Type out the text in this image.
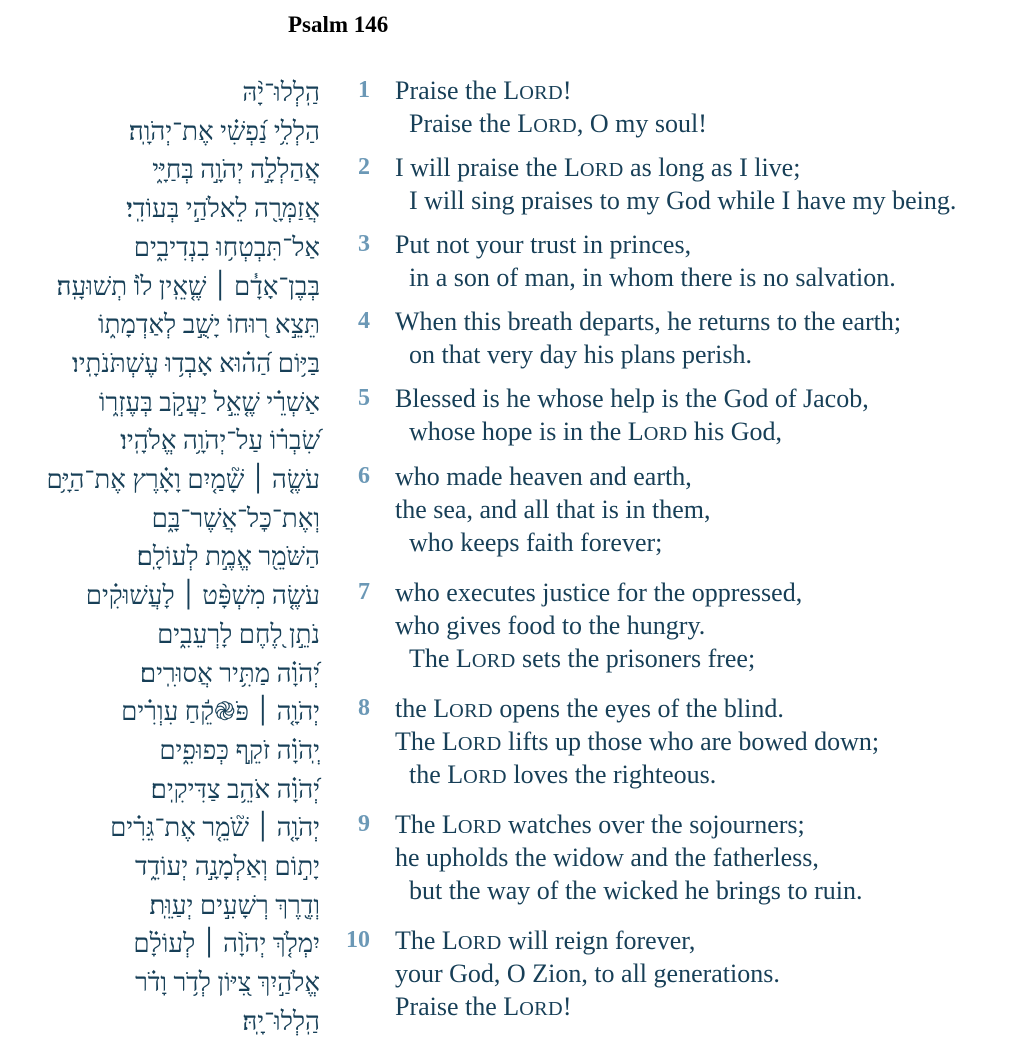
Psalm 146
הַֽלְלוּ־יָ֨הּ
הַלְלִ֥י נַ֝פְשִׁ֗י אֶת־יְהֹוָֽה׃
אֲהַלְלָ֣ה יְהֹוָ֣ה בְּחַיָּ֑י
אֲזַמְּרָ֖ה לֵאלֹהַ֣י בְּעוֹדִֽי׃
אַל־תִּבְטְח֥וּ בִנְדִיבִ֑ים
בְּבֶן־אָדָ֓ם ׀ שֶׁ֤אֵֽין ל֙וֹ תְשׁוּעָֽה׃
תֵּצֵ֣א ר֭וּחוֹ יָשֻׁ֣ב לְאַדְמָת֑וֹ
בַּיּ֥וֹם הַ֝ה֗וּא אָבְד֥וּ עֶשְׁתֹּנֹתָֽיו׃
אַשְׁרֵ֗י שֶׁ֤אֵ֣ל יַעֲקֹ֣ב בְּעֶזְר֑וֹ
שִׂ֝בְר֗וֹ עַל־יְהֹוָ֥ה אֱלֹהָֽיו׃
עֹשֶׂ֤ה ׀ שָׁ֘מַ֤יִם וָאָ֗רֶץ אֶת־הַיָּ֥ם
וְאֶת־כׇּל־אֲשֶׁר־בָּ֑ם
הַשֹּׁמֵ֖ר אֱמֶ֣ת לְעוֹלָֽם׃
עֹשֶׂ֤ה מִשְׁפָּ֨ט ׀ לָעֲשׁוּקִ֗ים
נֹתֵ֣ן לֶ֭חֶם לָרְעֵבִ֑ים
יְ֝הֹוָ֗ה מַתִּ֥יר אֲסוּרִֽים׃
יְהֹוָ֤ה ׀ פֹּ֎קֵ֬חַ עִוְרִ֗ים
יְֽהֹוָ֗ה זֹקֵ֣ף כְּפוּפִ֑ים
יְ֝הֹוָ֗ה אֹהֵ֥ב צַדִּיקִֽים׃
יְהֹוָ֤ה ׀ שֹׁ֘מֵ֤ר אֶת־גֵּרִ֗ים
יָת֣וֹם וְאַלְמָנָ֣ה יְעוֹדֵ֑ד
וְדֶ֖רֶךְ רְשָׁעִ֣ים יְעַוֵּֽת׃
יִמְלֹ֤ךְ יְהֹוָ֨ה ׀ לְעוֹלָ֗ם
אֱלֹהַ֣יִךְ צִ֭יּוֹן לְדֹ֥ר וָדֹ֗ר
הַֽלְלוּ־יָֽהּ׃
1 Praise the LORD!
Praise the LORD, O my soul!
2 I will praise the LORD as long as I live;
I will sing praises to my God while I have my being.
3 Put not your trust in princes,
in a son of man, in whom there is no salvation.
4 When this breath departs, he returns to the earth;
on that very day his plans perish.
5 Blessed is he whose help is the God of Jacob,
whose hope is in the LORD his God,
6 who made heaven and earth,
the sea, and all that is in them,
who keeps faith forever;
7 who executes justice for the oppressed,
who gives food to the hungry.
The LORD sets the prisoners free;
8 the LORD opens the eyes of the blind.
The LORD lifts up those who are bowed down;
the LORD loves the righteous.
9 The LORD watches over the sojourners;
he upholds the widow and the fatherless,
but the way of the wicked he brings to ruin.
10 The LORD will reign forever,
your God, O Zion, to all generations.
Praise the LORD!
